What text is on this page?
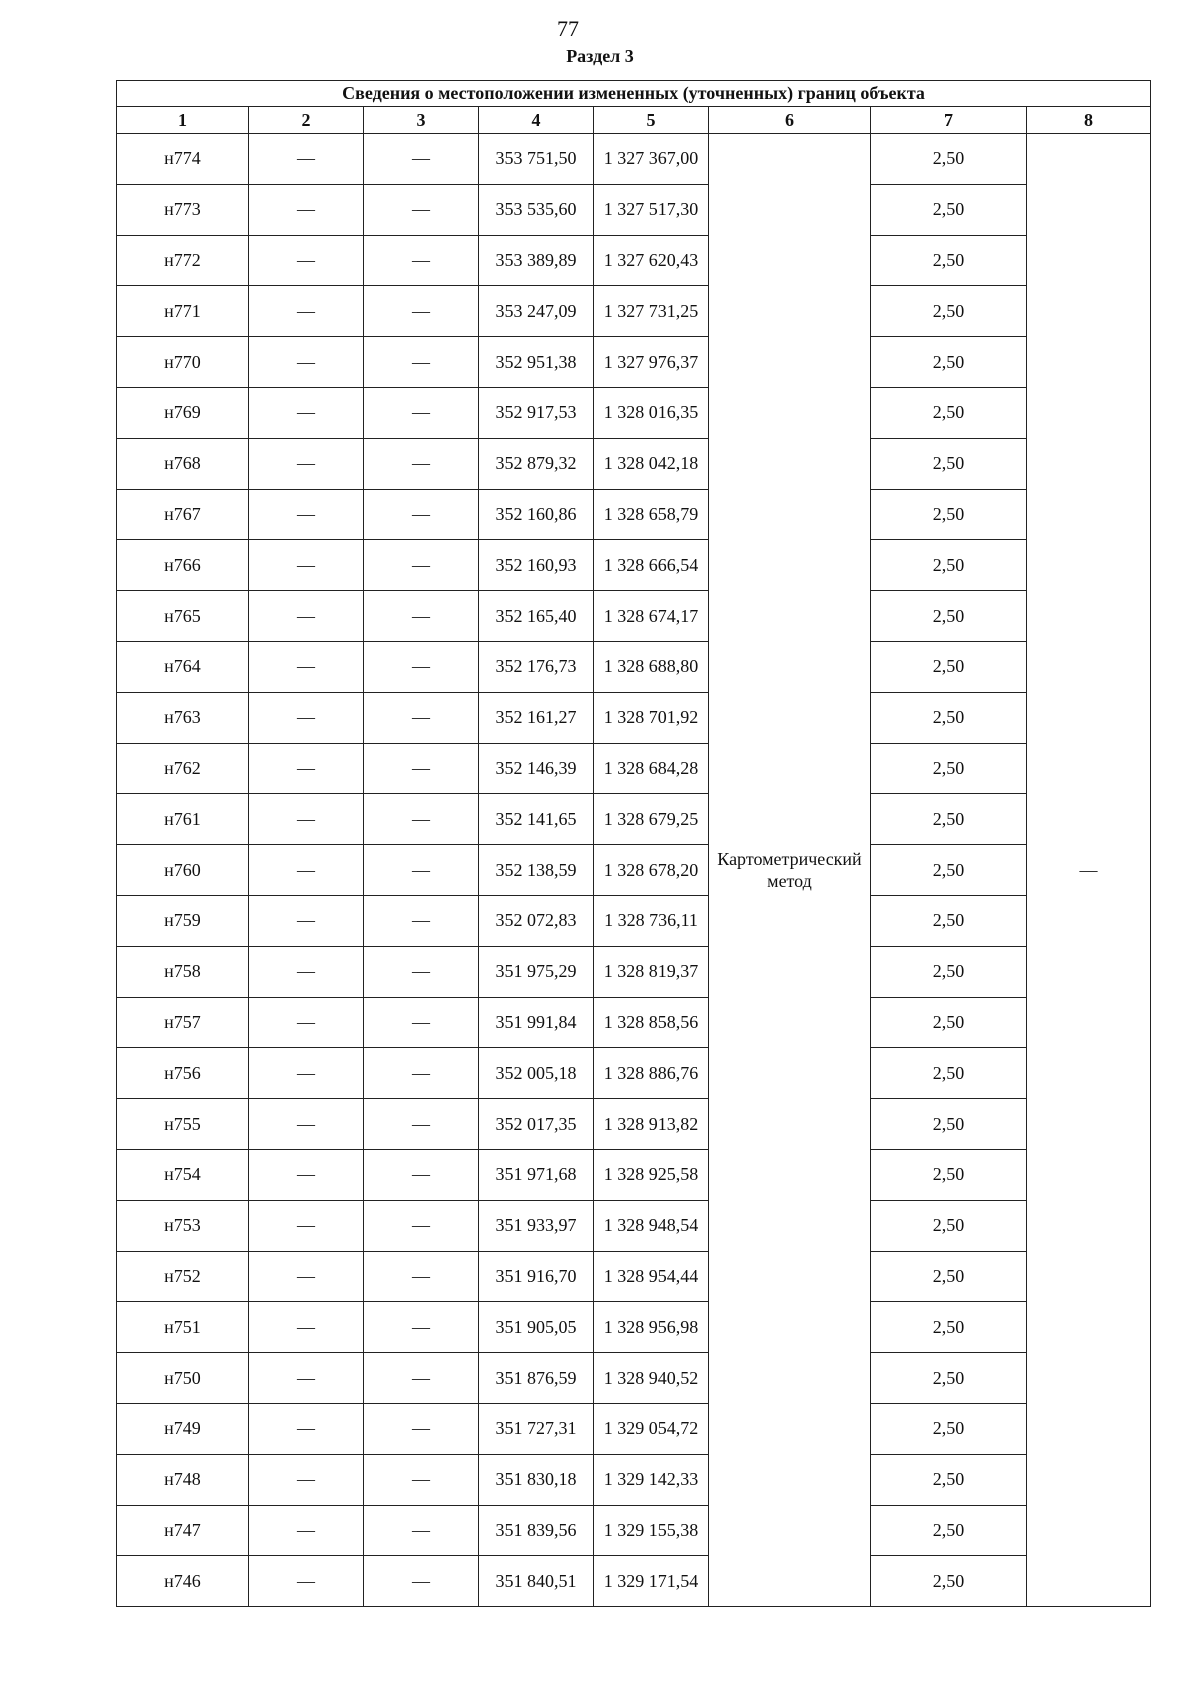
77
Раздел 3
Сведения о местоположении измененных (уточненных) границ объекта							
1	2	3	4	5	6	7	8
н774	—	—	353 751,50	1 327 367,00	Картометрический метод	2,50	—
н773	—	—	353 535,60	1 327 517,30		2,50	
н772	—	—	353 389,89	1 327 620,43		2,50	
н771	—	—	353 247,09	1 327 731,25		2,50	
н770	—	—	352 951,38	1 327 976,37		2,50	
н769	—	—	352 917,53	1 328 016,35		2,50	
н768	—	—	352 879,32	1 328 042,18		2,50	
н767	—	—	352 160,86	1 328 658,79		2,50	
н766	—	—	352 160,93	1 328 666,54		2,50	
н765	—	—	352 165,40	1 328 674,17		2,50	
н764	—	—	352 176,73	1 328 688,80		2,50	
н763	—	—	352 161,27	1 328 701,92		2,50	
н762	—	—	352 146,39	1 328 684,28		2,50	
н761	—	—	352 141,65	1 328 679,25		2,50	
н760	—	—	352 138,59	1 328 678,20		2,50	
н759	—	—	352 072,83	1 328 736,11		2,50	
н758	—	—	351 975,29	1 328 819,37		2,50	
н757	—	—	351 991,84	1 328 858,56		2,50	
н756	—	—	352 005,18	1 328 886,76		2,50	
н755	—	—	352 017,35	1 328 913,82		2,50	
н754	—	—	351 971,68	1 328 925,58		2,50	
н753	—	—	351 933,97	1 328 948,54		2,50	
н752	—	—	351 916,70	1 328 954,44		2,50	
н751	—	—	351 905,05	1 328 956,98		2,50	
н750	—	—	351 876,59	1 328 940,52		2,50	
н749	—	—	351 727,31	1 329 054,72		2,50	
н748	—	—	351 830,18	1 329 142,33		2,50	
н747	—	—	351 839,56	1 329 155,38		2,50	
н746	—	—	351 840,51	1 329 171,54		2,50	
